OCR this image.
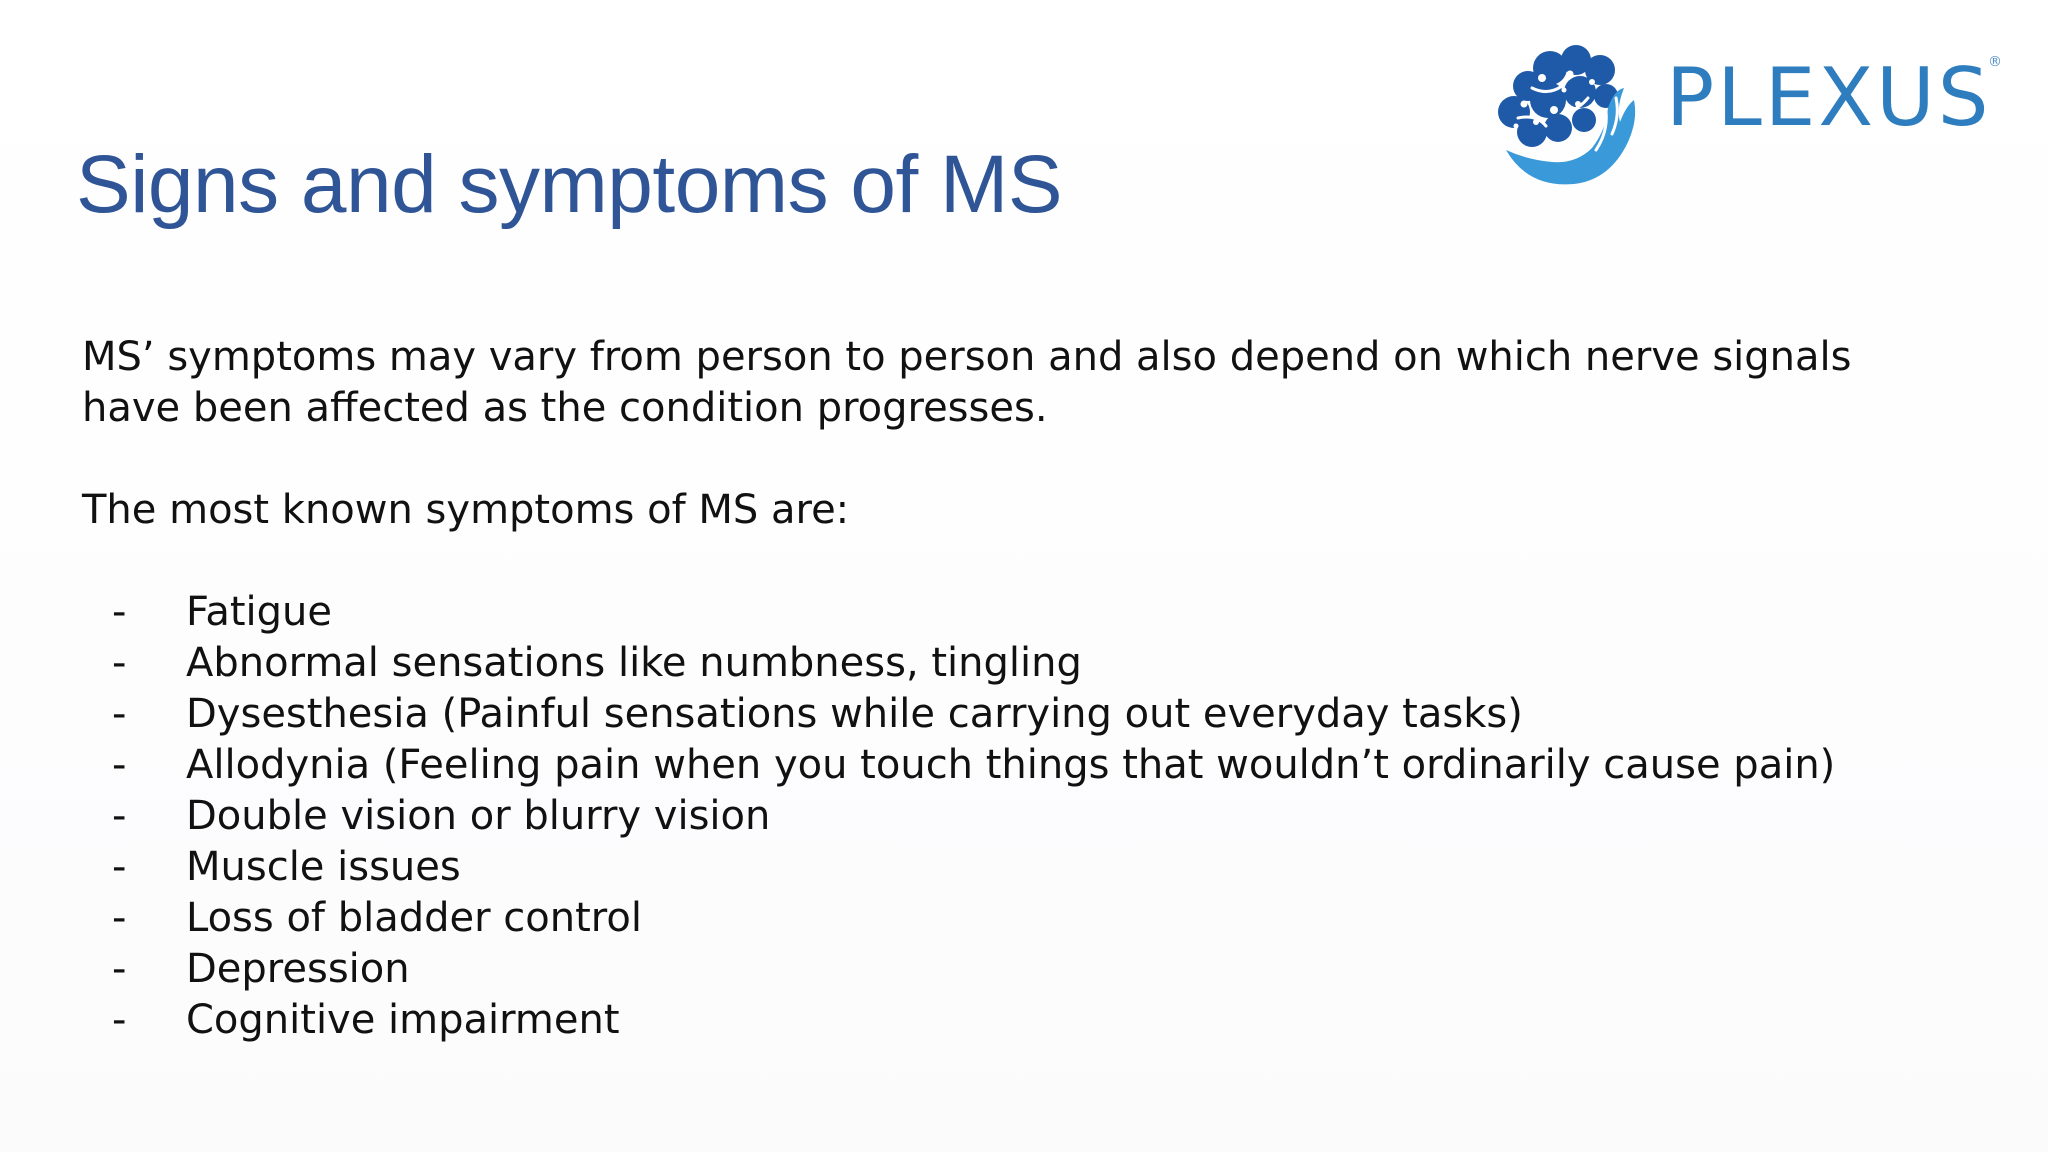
Signs and symptoms of MS
PLEXUS
®

MS’ symptoms may vary from person to person and also depend on which nerve signals have been affected as the condition progresses.

The most known symptoms of MS are:

-	Fatigue
-	Abnormal sensations like numbness, tingling
-	Dysesthesia (Painful sensations while carrying out everyday tasks)
-	Allodynia (Feeling pain when you touch things that wouldn’t ordinarily cause pain)
-	Double vision or blurry vision
-	Muscle issues
-	Loss of bladder control
-	Depression
-	Cognitive impairment
